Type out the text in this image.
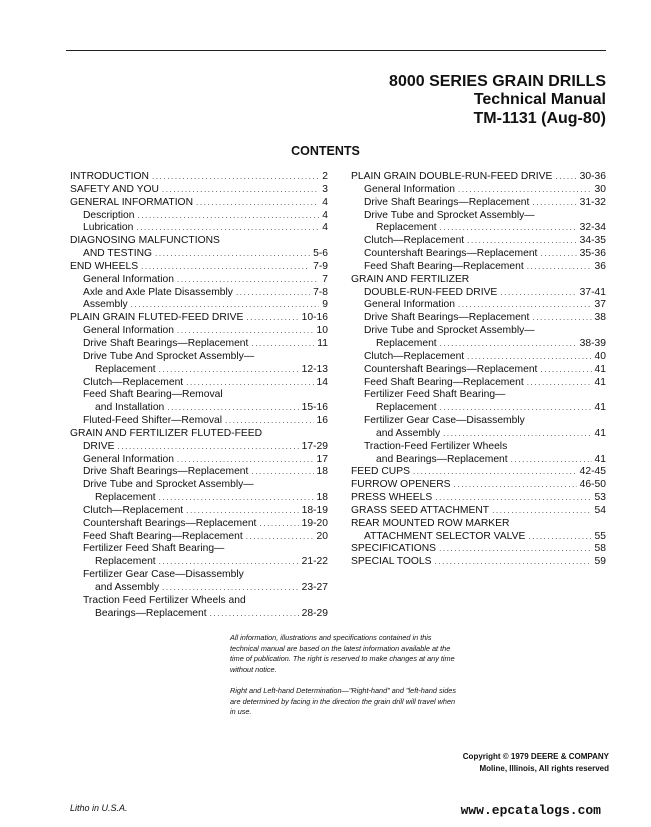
8000 SERIES GRAIN DRILLS
Technical Manual
TM-1131 (Aug-80)
CONTENTS
INTRODUCTION .....	2
SAFETY AND YOU .....	3
GENERAL INFORMATION .....	4
Description .....	4
Lubrication .....	4
DIAGNOSING MALFUNCTIONS
AND TESTING .....	5-6
END WHEELS .....	7-9
General Information .....	7
Axle and Axle Plate Disassembly .....	7-8
Assembly .....	9
PLAIN GRAIN FLUTED-FEED DRIVE .....	10-16
General Information .....	10
Drive Shaft Bearings—Replacement .....	11
Drive Tube And Sprocket Assembly—
Replacement .....	12-13
Clutch—Replacement .....	14
Feed Shaft Bearing—Removal
and Installation .....	15-16
Fluted-Feed Shifter—Removal .....	16
GRAIN AND FERTILIZER FLUTED-FEED
DRIVE .....	17-29
General Information .....	17
Drive Shaft Bearings—Replacement .....	18
Drive Tube and Sprocket Assembly—
Replacement .....	18
Clutch—Replacement .....	18-19
Countershaft Bearings—Replacement .....	19-20
Feed Shaft Bearing—Replacement .....	20
Fertilizer Feed Shaft Bearing—
Replacement .....	21-22
Fertilizer Gear Case—Disassembly
and Assembly .....	23-27
Traction Feed Fertilizer Wheels and
Bearings—Replacement .....	28-29
PLAIN GRAIN DOUBLE-RUN-FEED DRIVE .....	30-36
General Information .....	30
Drive Shaft Bearings—Replacement .....	31-32
Drive Tube and Sprocket Assembly—
Replacement .....	32-34
Clutch—Replacement .....	34-35
Countershaft Bearings—Replacement .....	35-36
Feed Shaft Bearing—Replacement .....	36
GRAIN AND FERTILIZER
DOUBLE-RUN-FEED DRIVE .....	37-41
General Information .....	37
Drive Shaft Bearings—Replacement .....	38
Drive Tube and Sprocket Assembly—
Replacement .....	38-39
Clutch—Replacement .....	40
Countershaft Bearings—Replacement .....	41
Feed Shaft Bearing—Replacement .....	41
Fertilizer Feed Shaft Bearing—
Replacement .....	41
Fertilizer Gear Case—Disassembly
and Assembly .....	41
Traction-Feed Fertilizer Wheels
and Bearings—Replacement .....	41
FEED CUPS .....	42-45
FURROW OPENERS .....	46-50
PRESS WHEELS .....	53
GRASS SEED ATTACHMENT .....	54
REAR MOUNTED ROW MARKER
ATTACHMENT SELECTOR VALVE .....	55
SPECIFICATIONS .....	58
SPECIAL TOOLS .....	59
All information, illustrations and specifications contained in this technical manual are based on the latest information available at the time of publication. The right is reserved to make changes at any time without notice.
Right and Left-hand Determination—"Right-hand" and "left-hand sides are determined by facing in the direction the grain drill will travel when in use.
Copyright © 1979 DEERE & COMPANY
Moline, Illinois, All rights reserved
Litho in U.S.A.	www.epcatalogs.com
